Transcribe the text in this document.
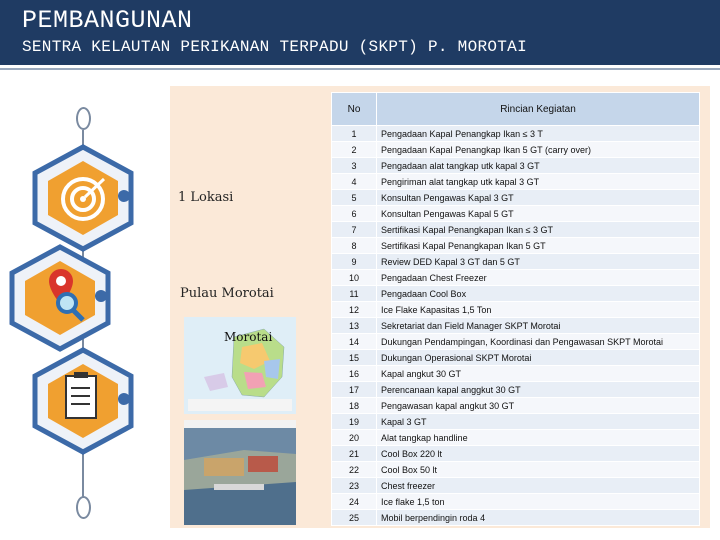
PEMBANGUNAN
SENTRA KELAUTAN PERIKANAN TERPADU (SKPT) P. MOROTAI
1 Lokasi
Pulau Morotai
Morotai
No	Rincian Kegiatan
1	Pengadaan Kapal Penangkap Ikan ≤ 3 T
2	Pengadaan Kapal Penangkap Ikan 5 GT (carry over)
3	Pengadaan alat tangkap utk kapal 3 GT
4	Pengiriman alat tangkap utk kapal 3 GT
5	Konsultan Pengawas Kapal 3 GT
6	Konsultan Pengawas Kapal 5 GT
7	Sertifikasi Kapal Penangkapan Ikan ≤ 3 GT
8	Sertifikasi Kapal Penangkapan Ikan 5 GT
9	Review DED Kapal 3 GT dan 5 GT
10	Pengadaan Chest Freezer
11	Pengadaan Cool Box
12	Ice Flake Kapasitas 1,5 Ton
13	Sekretariat dan Field Manager SKPT Morotai
14	Dukungan Pendampingan, Koordinasi dan Pengawasan SKPT Morotai
15	Dukungan Operasional SKPT Morotai
16	Kapal angkut 30 GT
17	Perencanaan kapal anggkut 30 GT
18	Pengawasan kapal angkut 30 GT
19	Kapal 3 GT
20	Alat tangkap handline
21	Cool Box 220 lt
22	Cool Box 50 lt
23	Chest freezer
24	Ice flake 1,5 ton
25	Mobil berpendingin roda 4
